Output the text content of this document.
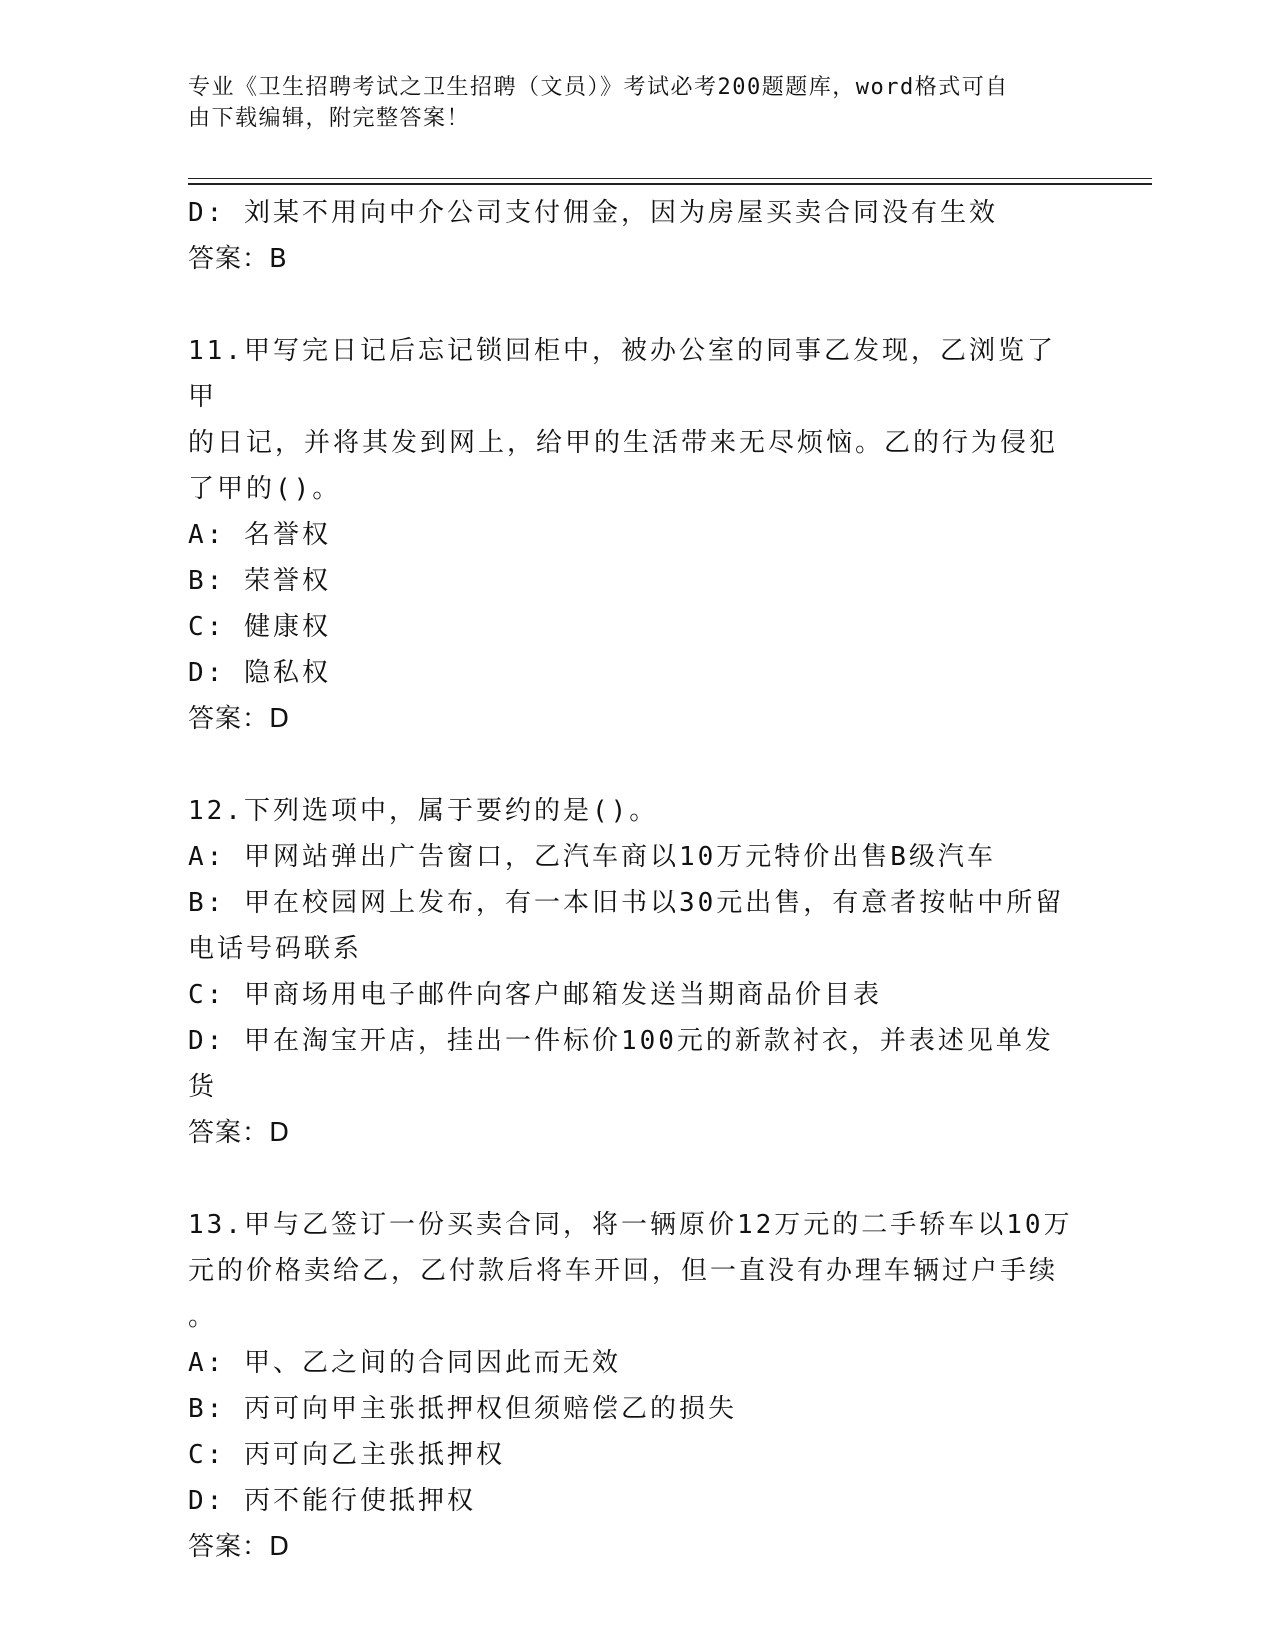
专业《卫生招聘考试之卫生招聘（文员）》考试必考200题题库，word格式可自
由下载编辑，附完整答案！
D: 刘某不用向中介公司支付佣金，因为房屋买卖合同没有生效
答案：B
11.甲写完日记后忘记锁回柜中，被办公室的同事乙发现，乙浏览了甲
的日记，并将其发到网上，给甲的生活带来无尽烦恼。乙的行为侵犯
了甲的()。
A: 名誉权
B: 荣誉权
C: 健康权
D: 隐私权
答案：D
12.下列选项中，属于要约的是()。
A: 甲网站弹出广告窗口，乙汽车商以10万元特价出售B级汽车
B: 甲在校园网上发布，有一本旧书以30元出售，有意者按帖中所留
电话号码联系
C: 甲商场用电子邮件向客户邮箱发送当期商品价目表
D: 甲在淘宝开店，挂出一件标价100元的新款衬衣，并表述见单发货
答案：D
13.甲与乙签订一份买卖合同，将一辆原价12万元的二手轿车以10万
元的价格卖给乙，乙付款后将车开回，但一直没有办理车辆过户手续
。
A: 甲、乙之间的合同因此而无效
B: 丙可向甲主张抵押权但须赔偿乙的损失
C: 丙可向乙主张抵押权
D: 丙不能行使抵押权
答案：D
